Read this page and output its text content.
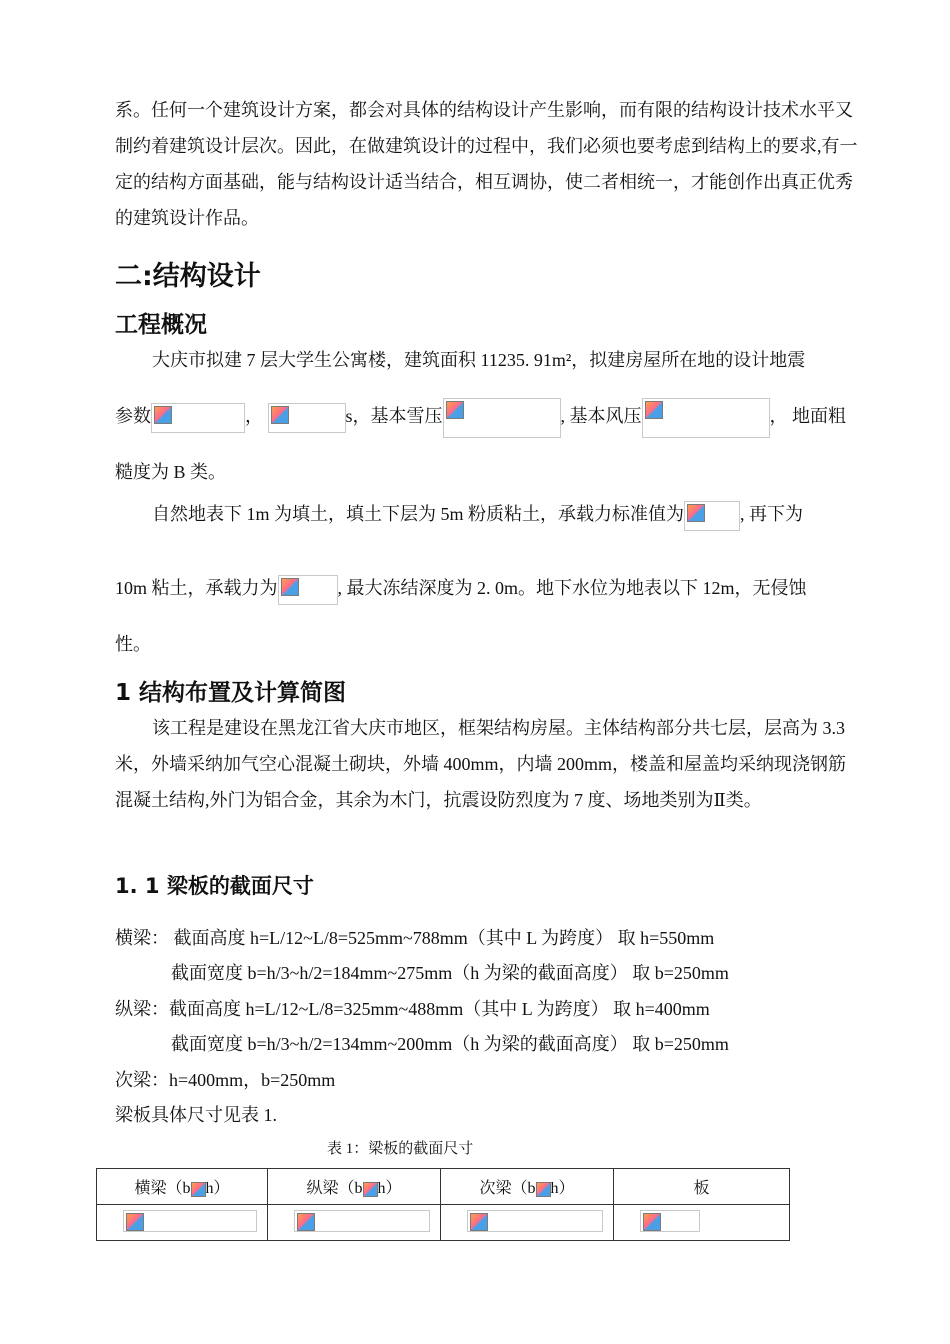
系。任何一个建筑设计方案，都会对具体的结构设计产生影响，而有限的结构设计技术水平又制约着建筑设计层次。因此，在做建筑设计的过程中，我们必须也要考虑到结构上的要求,有一定的结构方面基础，能与结构设计适当结合，相互调协，使二者相统一，才能创作出真正优秀的建筑设计作品。
二:结构设计
工程概况
大庆市拟建 7 层大学生公寓楼，建筑面积 11235. 91m²，拟建房屋所在地的设计地震
参数	，	s，基本雪压	, 基本风压	， 地面粗
糙度为 B 类。
自然地表下 1m 为填土，填土下层为 5m 粉质粘土，承载力标准值为	, 再下为
10m 粘土，承载力为	, 最大冻结深度为 2. 0m。地下水位为地表以下 12m，无侵蚀
性。
1 结构布置及计算简图
该工程是建设在黑龙江省大庆市地区，框架结构房屋。主体结构部分共七层，层高为 3.3 米，外墙采纳加气空心混凝土砌块，外墙 400mm，内墙 200mm，楼盖和屋盖均采纳现浇钢筋混凝土结构,外门为铝合金，其余为木门，抗震设防烈度为 7 度、场地类别为Ⅱ类。
1. 1 梁板的截面尺寸
横梁： 截面高度 h=L/12~L/8=525mm~788mm（其中 L 为跨度） 取 h=550mm
截面宽度 b=h/3~h/2=184mm~275mm（h 为梁的截面高度） 取 b=250mm
纵梁：截面高度 h=L/12~L/8=325mm~488mm（其中 L 为跨度） 取 h=400mm
截面宽度 b=h/3~h/2=134mm~200mm（h 为梁的截面高度） 取 b=250mm
次梁：h=400mm，b=250mm
梁板具体尺寸见表 1.
表 1：梁板的截面尺寸
横梁（b h）	纵梁（b h）	次梁（b h）	板
